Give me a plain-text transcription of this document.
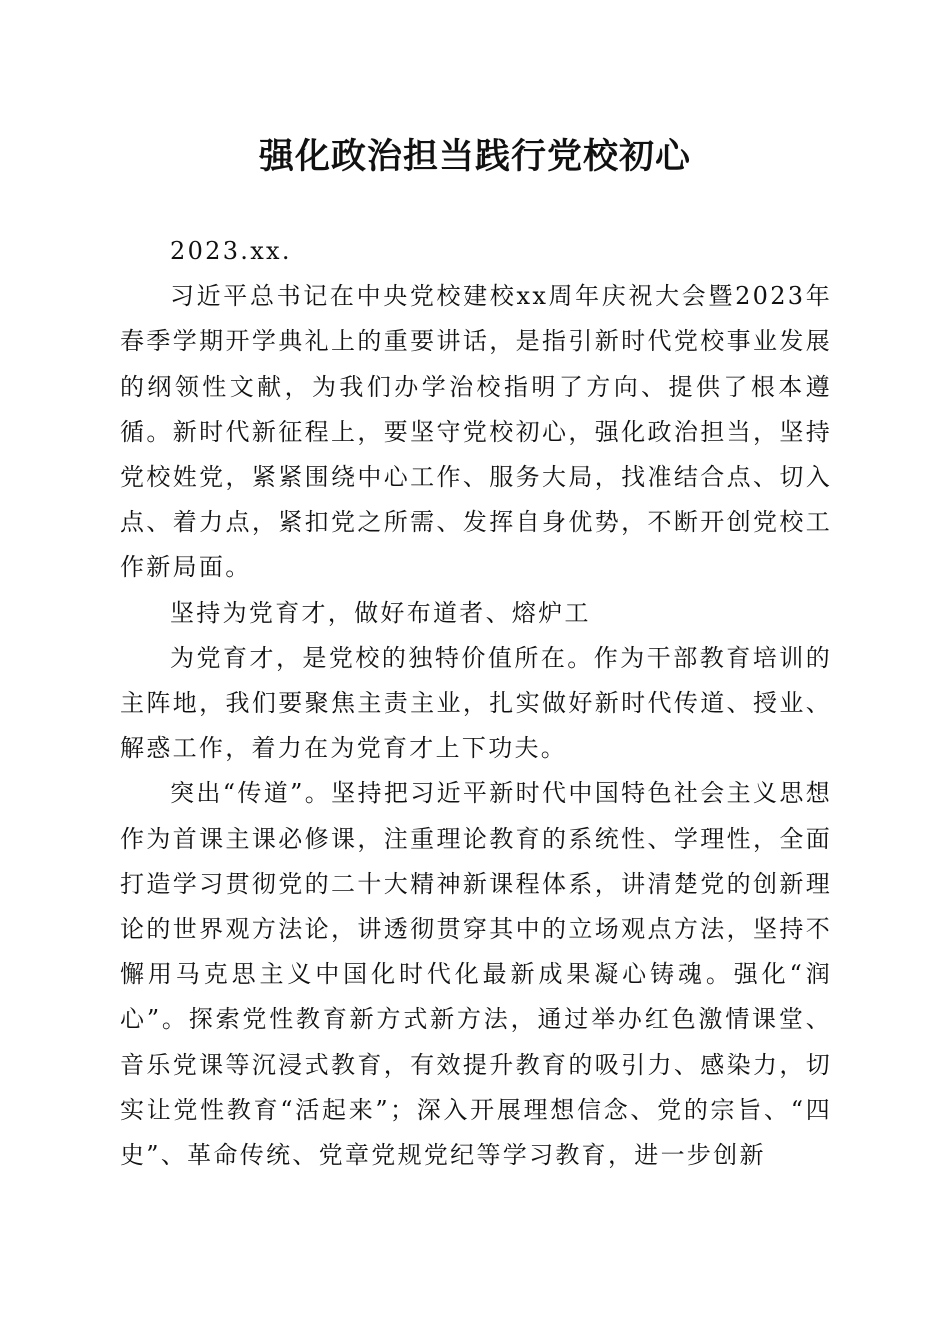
强化政治担当践行党校初心

2023.xx.

习近平总书记在中央党校建校xx周年庆祝大会暨2023年春季学期开学典礼上的重要讲话，是指引新时代党校事业发展的纲领性文献，为我们办学治校指明了方向、提供了根本遵循。新时代新征程上，要坚守党校初心，强化政治担当，坚持党校姓党，紧紧围绕中心工作、服务大局，找准结合点、切入点、着力点，紧扣党之所需、发挥自身优势，不断开创党校工作新局面。

坚持为党育才，做好布道者、熔炉工

为党育才，是党校的独特价值所在。作为干部教育培训的主阵地，我们要聚焦主责主业，扎实做好新时代传道、授业、解惑工作，着力在为党育才上下功夫。

突出“传道”。坚持把习近平新时代中国特色社会主义思想作为首课主课必修课，注重理论教育的系统性、学理性，全面打造学习贯彻党的二十大精神新课程体系，讲清楚党的创新理论的世界观方法论，讲透彻贯穿其中的立场观点方法，坚持不懈用马克思主义中国化时代化最新成果凝心铸魂。强化“润心”。探索党性教育新方式新方法，通过举办红色激情课堂、音乐党课等沉浸式教育，有效提升教育的吸引力、感染力，切实让党性教育“活起来”；深入开展理想信念、党的宗旨、“四史”、革命传统、党章党规党纪等学习教育，进一步创新
